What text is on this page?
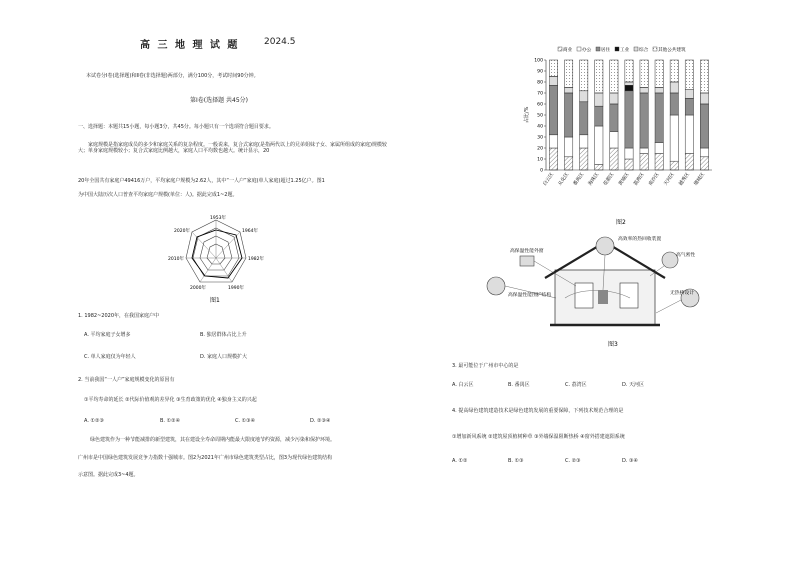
高 三 地 理 试 题	2024.5
本试卷分Ⅰ卷(选择题)和Ⅱ卷(非选择题)两部分，满分100分，考试时间90分钟。
第Ⅰ卷(选择题 共45分)
一、选择题：本题共15小题，每小题3分，共45分。每小题只有一个选项符合题目要求。
家庭规模是指家庭成员的多少和家庭关系的复杂程度。一般说来，复合式家庭(是指两代以上的兄弟姐妹子女、家属所组成的家庭)规模较大；单身家庭规模较小；复合式家庭比例越大，家庭人口平均数也越大。统计显示，20
20年全国共有家庭户49416万户，平均家庭户规模为2.62人，其中“一人户”家庭(单人家庭)超过1.25亿户。图1
为中国大陆历次人口普查平均家庭户规模(单位：人)。据此完成1~2题。
1953年
1964年
1982年
1990年
2000年
2010年
2020年
图1
1. 1982~2020年，在我国家庭户中
A. 平均家庭子女增多	B. 独居群体占比上升
C. 单人家庭仅为年轻人	D. 家庭人口规模扩大
2. 当前我国“一人户”家庭规模变化的原因有
①平均寿命的延长 ②代际价值观的差异化 ③生育政策的优化 ④独身主义的兴起
A. ①②③	B. ①②④	C. ①③④	D. ②③④
绿色建筑作为一种节能减排的新型建筑，其在建设全寿命周期内能最大限度地节约资源，减少污染和保护环境。
广州市是中国绿色建筑发展竞争力指数十强城市。图2为2021年广州市绿色建筑类型占比，图3为现代绿色建筑结构
示意图。据此完成3~4题。
商业 办公 居住 工业 综合 其他公共建筑
0
10
20
30
40
50
60
70
80
90
100
占比/%
白云区 从化区 番禺区 海珠区 花都区 黄埔区 荔湾区 南沙区 天河区 越秀区 增城区
图2
高保温性能外窗
高效率的热回收装置
高气密性
高保温性能围护结构	无热桥设计
图3
3. 最可能位于广州市中心的是
A. 白云区	B. 番禺区	C. 荔湾区	D. 天河区
4. 提高绿色建筑建造技术是绿色建筑发展的重要保障，下列技术规范合理的是
①增加新风系统 ②建筑屋顶植树种草 ③外墙保温阻断热桥 ④窗外搭建遮阳系统
A. ①②	B. ①③	C. ②③	D. ③④
